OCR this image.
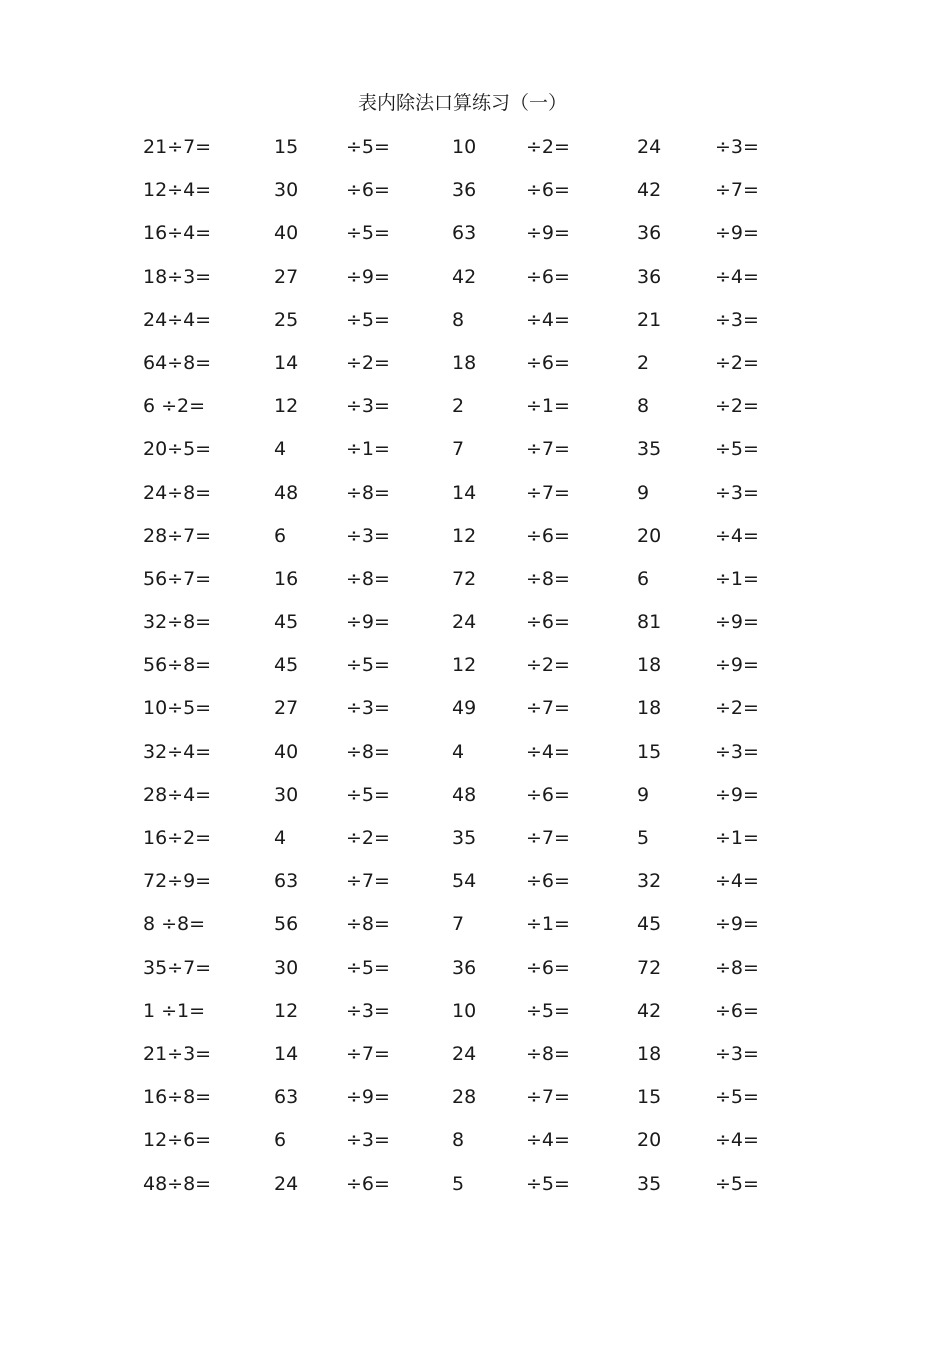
表内除法口算练习（一）
21÷7=	15	÷5=	10	÷2=	24	÷3=
12÷4=	30	÷6=	36	÷6=	42	÷7=
16÷4=	40	÷5=	63	÷9=	36	÷9=
18÷3=	27	÷9=	42	÷6=	36	÷4=
24÷4=	25	÷5=	8	÷4=	21	÷3=
64÷8=	14	÷2=	18	÷6=	2	÷2=
6 ÷2=	12	÷3=	2	÷1=	8	÷2=
20÷5=	4	÷1=	7	÷7=	35	÷5=
24÷8=	48	÷8=	14	÷7=	9	÷3=
28÷7=	6	÷3=	12	÷6=	20	÷4=
56÷7=	16	÷8=	72	÷8=	6	÷1=
32÷8=	45	÷9=	24	÷6=	81	÷9=
56÷8=	45	÷5=	12	÷2=	18	÷9=
10÷5=	27	÷3=	49	÷7=	18	÷2=
32÷4=	40	÷8=	4	÷4=	15	÷3=
28÷4=	30	÷5=	48	÷6=	9	÷9=
16÷2=	4	÷2=	35	÷7=	5	÷1=
72÷9=	63	÷7=	54	÷6=	32	÷4=
8 ÷8=	56	÷8=	7	÷1=	45	÷9=
35÷7=	30	÷5=	36	÷6=	72	÷8=
1 ÷1=	12	÷3=	10	÷5=	42	÷6=
21÷3=	14	÷7=	24	÷8=	18	÷3=
16÷8=	63	÷9=	28	÷7=	15	÷5=
12÷6=	6	÷3=	8	÷4=	20	÷4=
48÷8=	24	÷6=	5	÷5=	35	÷5=
